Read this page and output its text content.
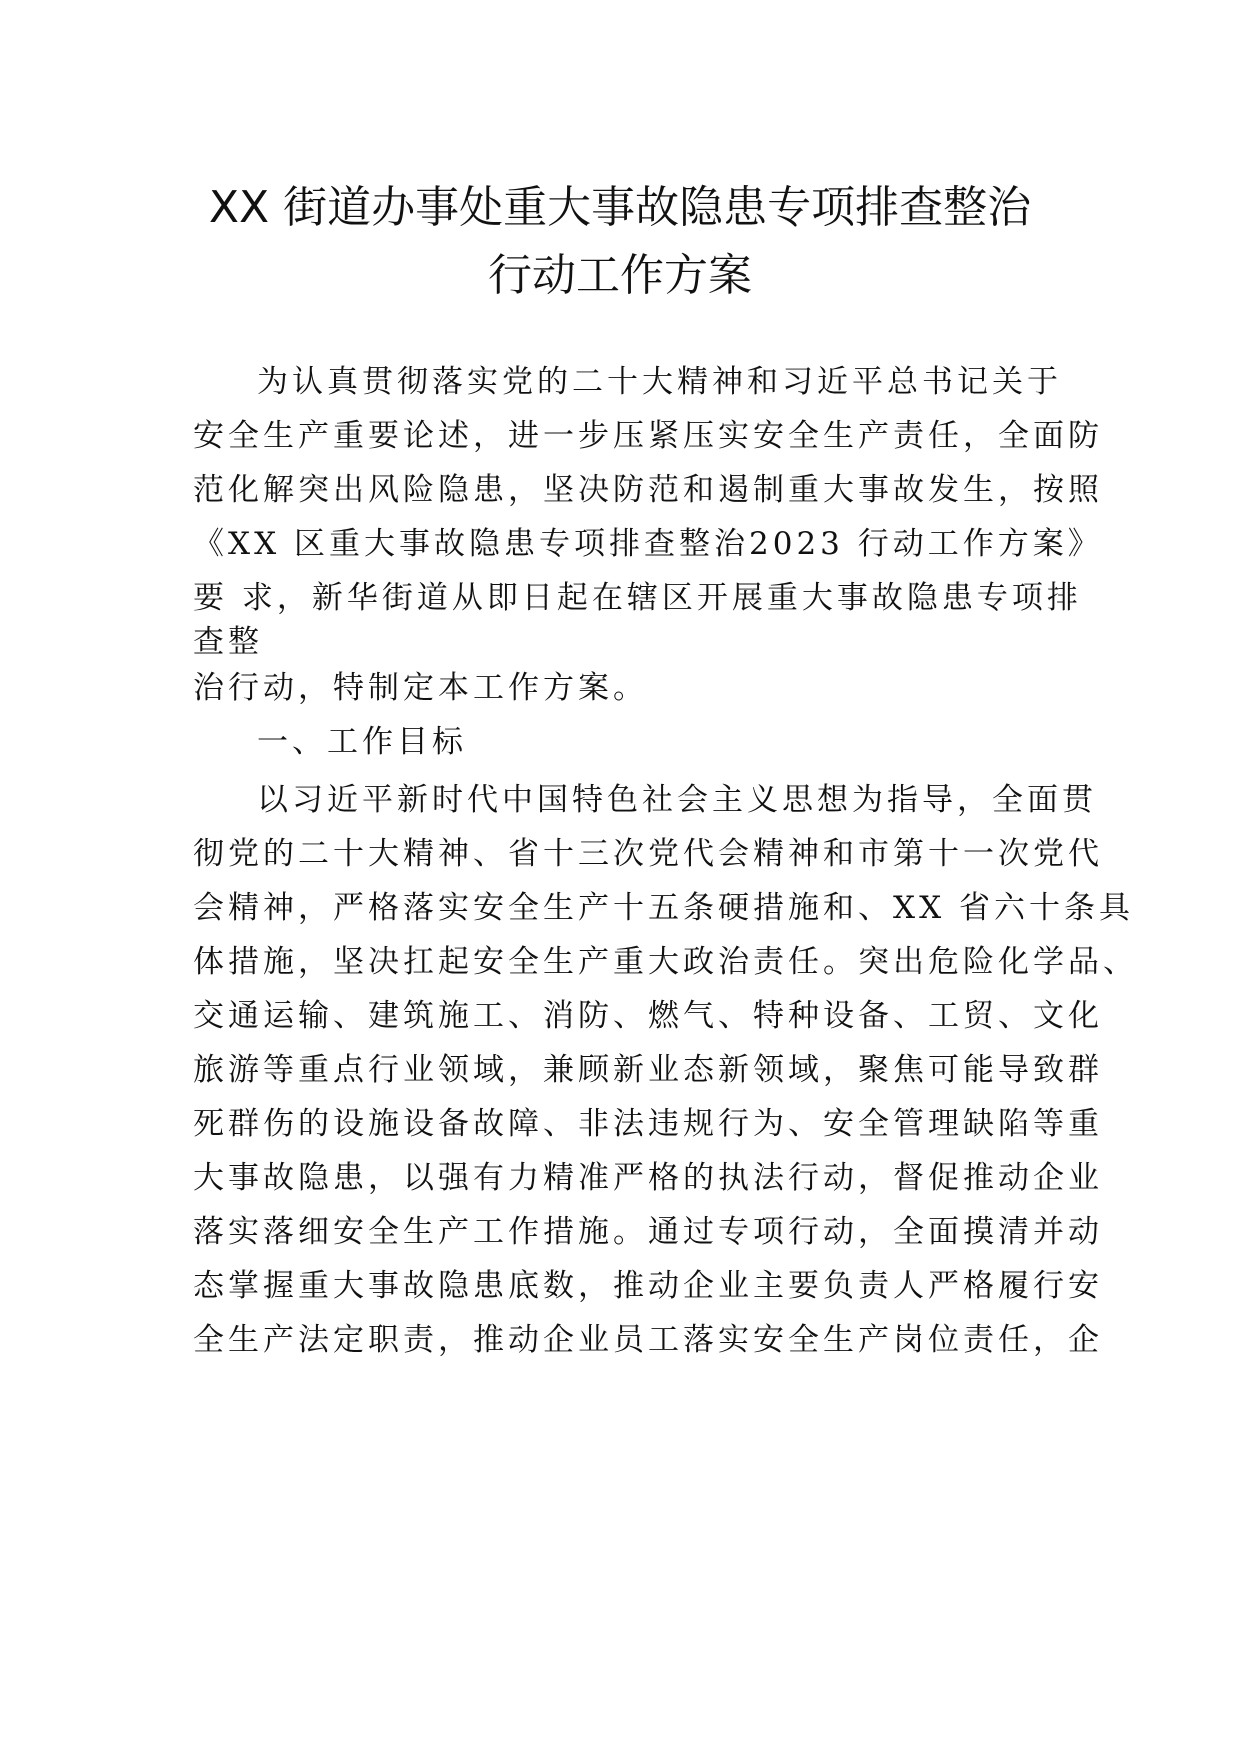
XX 街道办事处重大事故隐患专项排查整治
行动工作方案
为认真贯彻落实党的二十大精神和习近平总书记关于
安全生产重要论述，进一步压紧压实安全生产责任，全面防
范化解突出风险隐患，坚决防范和遏制重大事故发生，按照
《XX 区重大事故隐患专项排查整治2023 行动工作方案》
要 求，新华街道从即日起在辖区开展重大事故隐患专项排
查整
治行动，特制定本工作方案。
一、工作目标
以习近平新时代中国特色社会主义思想为指导，全面贯
彻党的二十大精神、省十三次党代会精神和市第十一次党代
会精神，严格落实安全生产十五条硬措施和、XX 省六十条具
体措施，坚决扛起安全生产重大政治责任。突出危险化学品、
交通运输、建筑施工、消防、燃气、特种设备、工贸、文化
旅游等重点行业领域，兼顾新业态新领域，聚焦可能导致群
死群伤的设施设备故障、非法违规行为、安全管理缺陷等重
大事故隐患，以强有力精准严格的执法行动，督促推动企业
落实落细安全生产工作措施。通过专项行动，全面摸清并动
态掌握重大事故隐患底数，推动企业主要负责人严格履行安
全生产法定职责，推动企业员工落实安全生产岗位责任，企
